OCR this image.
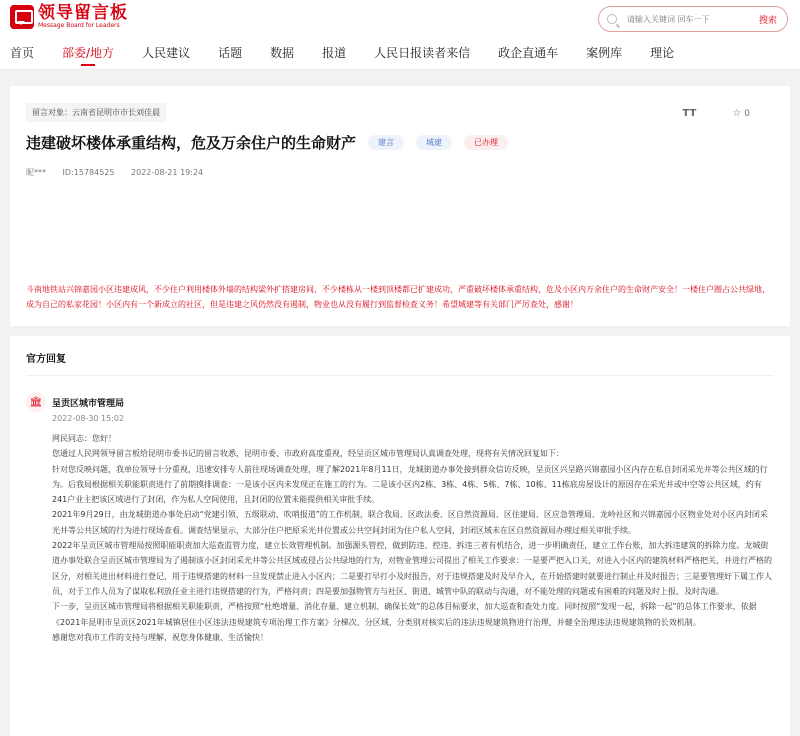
领导留言板
Message Board for Leaders
请输入关键词 回车一下	搜索
首页 部委/地方 人民建议 话题 数据 报道 人民日报读者来信 政企直通车 案例库 理论
留言对象：云南省昆明市市长刘佳晨	TT	☆ 0
违建破坏楼体承重结构，危及万余住户的生命财产	建言	城建	已办理
昵*** ID:15784525 2022-08-21 19:24
斗南地铁站兴锦嘉园小区违建成风，不少住户利用楼体外墙的结构梁外扩搭建房间，不少楼栋从一楼到顶楼都已扩建成功，严重破坏楼体承重结构，危及小区内万余住户的生命财产安全！一楼住户圈占公共绿地，成为自己的私家花园！小区内有一个新成立的社区，但是违建之风仍然没有遏制，物业也从没有履行到监督检查义务！希望城建等有关部门严厉查处，感谢！
官方回复
🏛	呈贡区城市管理局
2022-08-30 15:02

网民同志：您好！

您通过人民网领导留言板给昆明市委书记的留言收悉，昆明市委、市政府高度重视，经呈贡区城市管理局认真调查处理，现将有关情况回复如下：

针对您反映问题，我单位领导十分重视，迅速安排专人前往现场调查处理，理了解2021年8月11日，龙城街道办事处接到群众信访反映，呈贡区兴呈路兴锦嘉园小区内存在私自封闭采光井等公共区域的行为。后我局根据相关职能职责进行了前期摸排调查：一是该小区内未发现正在施工的行为。二是该小区内2栋、3栋、4栋、5栋、7栋、10栋、11栋底房屋设计的原因存在采光井或中空等公共区域，约有241户业主把该区域进行了封闭，作为私人空间使用，且封闭的位置未能提供相关审批手续。

2021年9月29日，由龙城街道办事处启动“党建引领、五级联动、吹哨报道”的工作机制，联合我局、区政法委、区自然资源局、区住建局、区应急管理局、龙岭社区和兴锦嘉园小区物业处对小区内封闭采光井等公共区域的行为进行现场查看。调查结果显示，大部分住户把原采光井位置或公共空间封闭为住户私人空间，封闭区域未在区自然资源局办理过相关审批手续。

2022年呈贡区城市管理局按照职能职责加大巡查监管力度，建立长效管理机制。加强源头管控，做到防违、控违、拆违三者有机结合，进一步明确责任，建立工作台账，加大拆违建筑的拆除力度。龙城街道办事处联合呈贡区城市管理局为了遏制该小区封闭采光井等公共区域或侵占公共绿地的行为，对物业管理公司提出了相关工作要求：一是要严把入口关，对进入小区内的建筑材料严格把关，并进行严格的区分，对相关进出材料进行登记，用于违规搭建的材料一旦发现禁止进入小区内；二是要打早打小及时报告，对于违规搭建及时及早介入，在开始搭建时就要进行制止并及时报告；三是要管理好下属工作人员，对于工作人员为了谋取私利放任业主进行违规搭建的行为，严格问责；四是要加强物管方与社区、街道、城管中队的联动与沟通，对不能处理的问题或有困难的问题及时上报、及时沟通。

下一步，呈贡区城市管理局将根据相关职能职责，严格按照“杜绝增量、消化存量、建立机制、确保长效”的总体目标要求，加大巡查和查处力度。同时按照“发现一起，拆除一起”的总体工作要求，依据《2021年昆明市呈贡区2021年城镇居住小区违法违规建筑专项治理工作方案》分梯次、分区域、分类别对核实后的违法违规建筑物进行治理，并健全治理违法违规建筑物的长效机制。

感谢您对我市工作的支持与理解，祝您身体健康、生活愉快！
